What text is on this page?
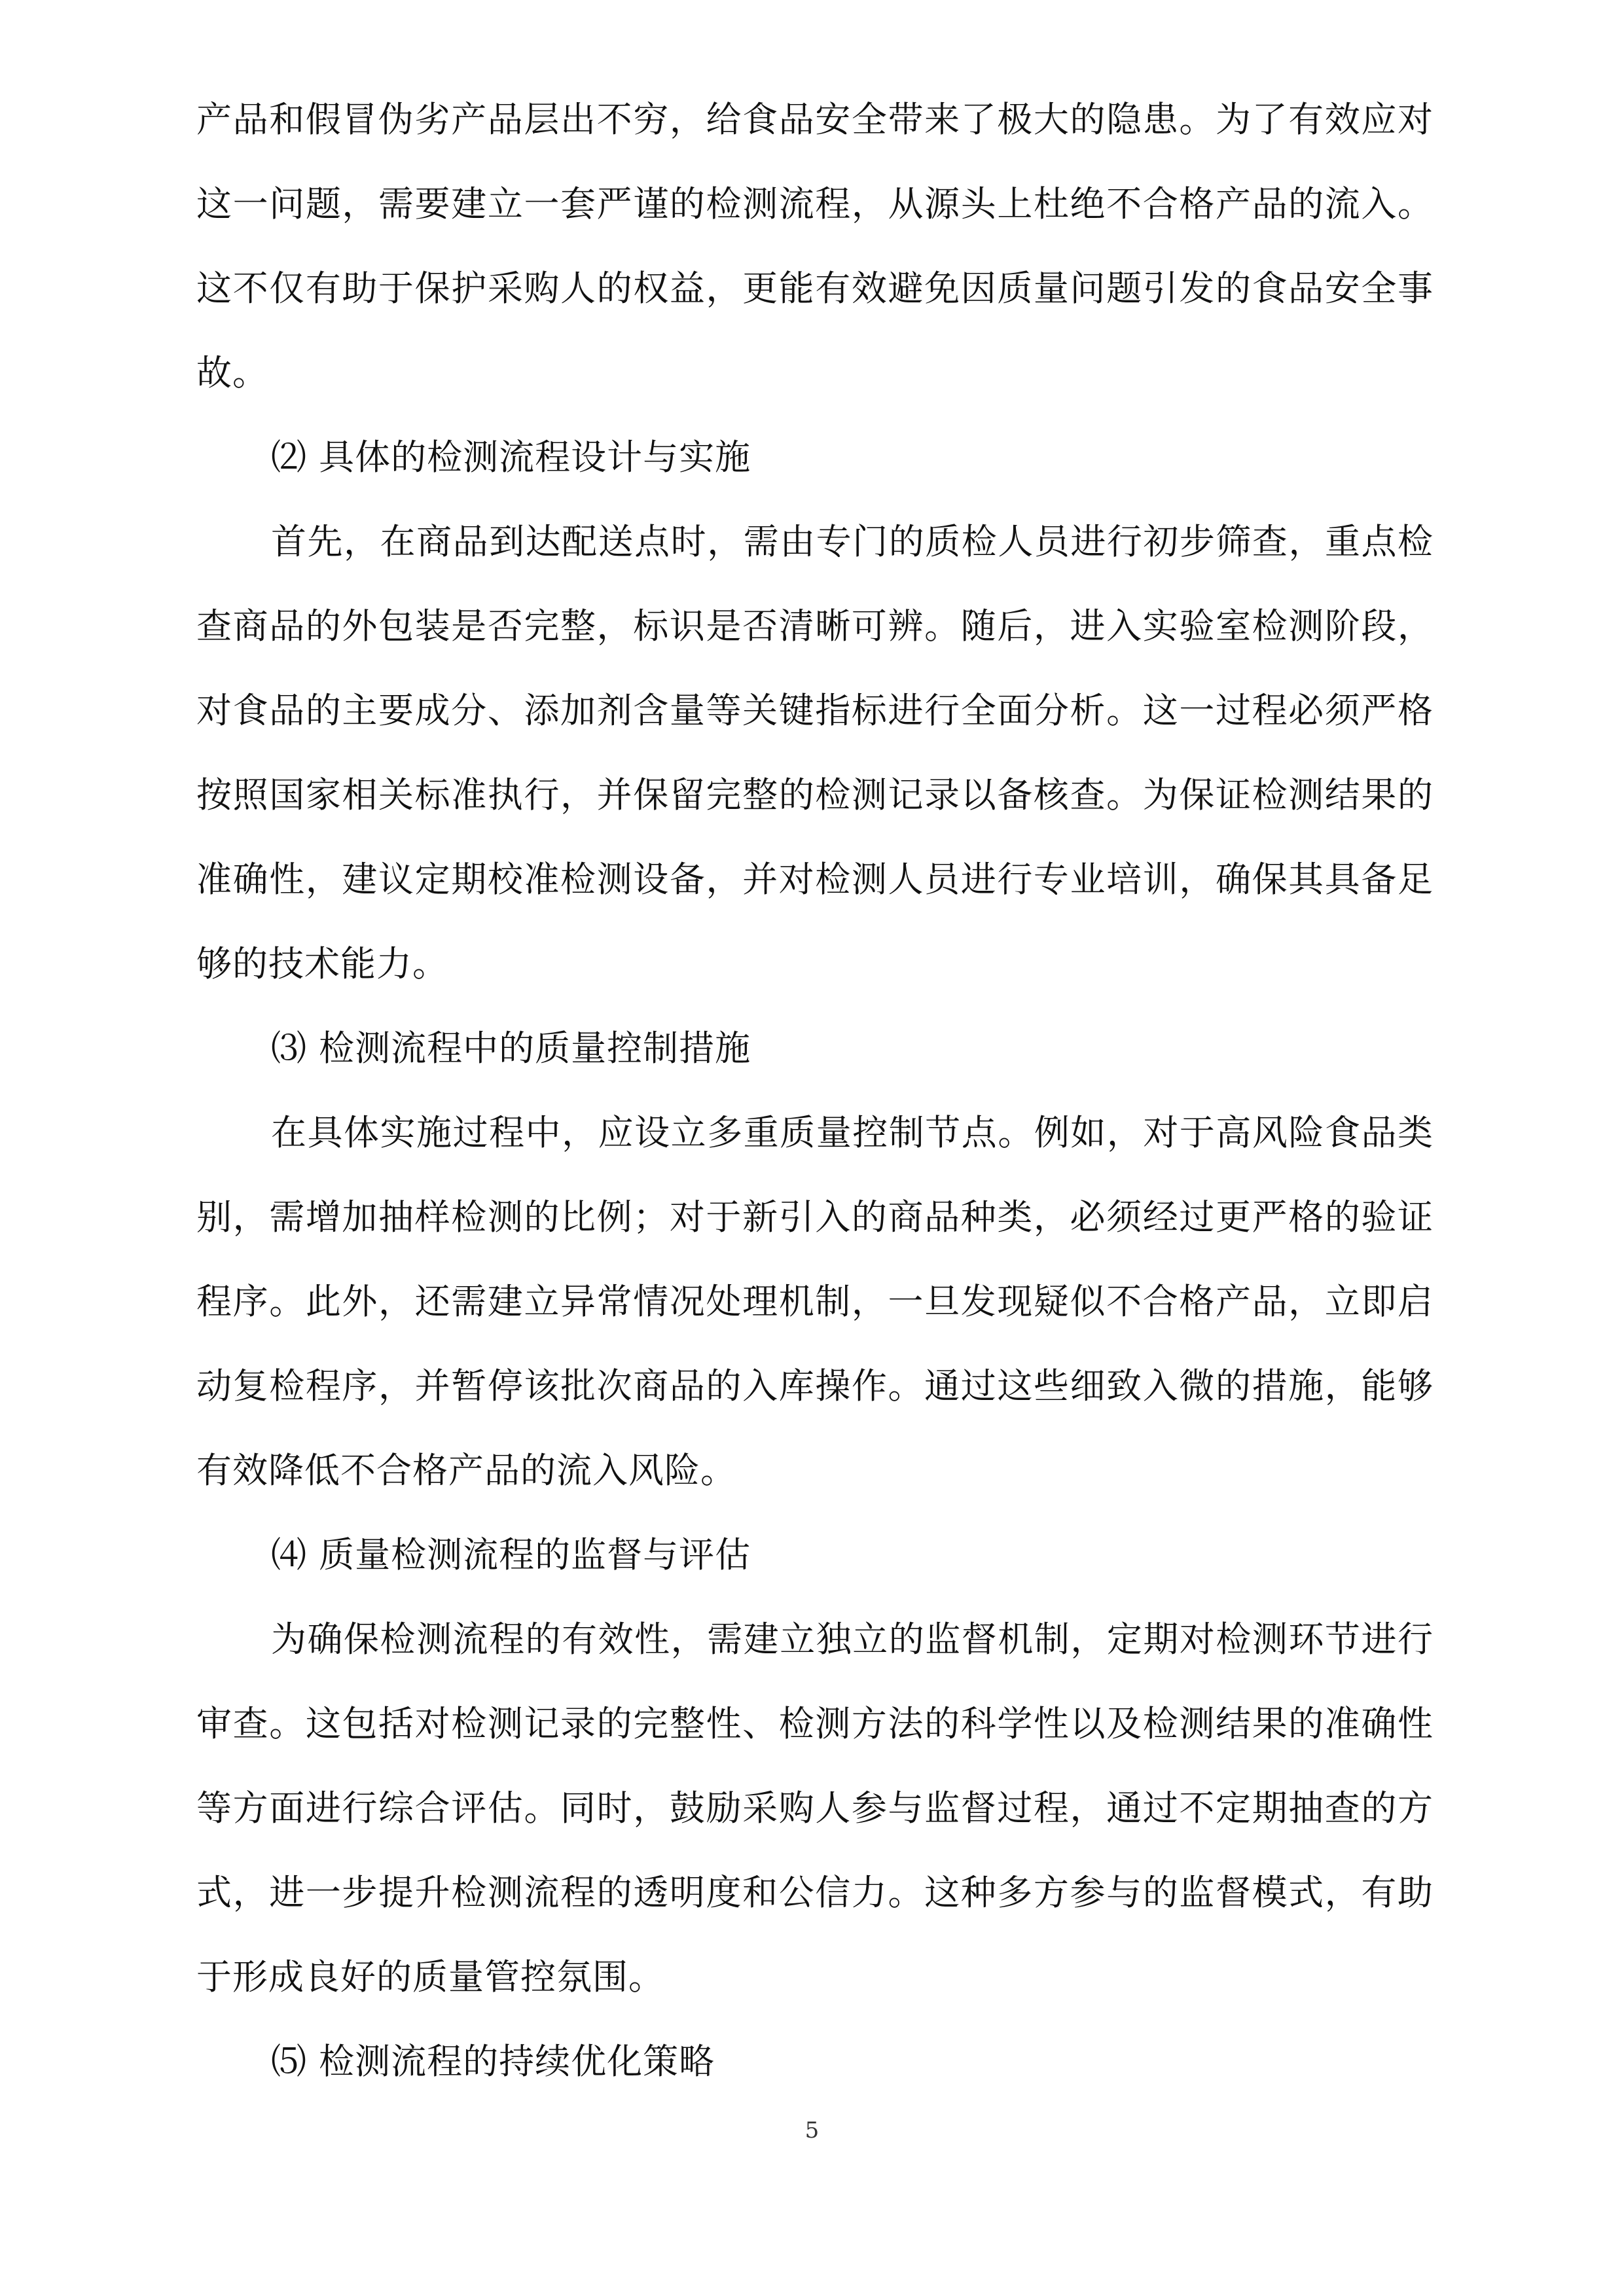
产品和假冒伪劣产品层出不穷，给食品安全带来了极大的隐患。为了有效应对这一问题，需要建立一套严谨的检测流程，从源头上杜绝不合格产品的流入。这不仅有助于保护采购人的权益，更能有效避免因质量问题引发的食品安全事故。

⑵ 具体的检测流程设计与实施

首先，在商品到达配送点时，需由专门的质检人员进行初步筛查，重点检查商品的外包装是否完整，标识是否清晰可辨。随后，进入实验室检测阶段，对食品的主要成分、添加剂含量等关键指标进行全面分析。这一过程必须严格按照国家相关标准执行，并保留完整的检测记录以备核查。为保证检测结果的准确性，建议定期校准检测设备，并对检测人员进行专业培训，确保其具备足够的技术能力。

⑶ 检测流程中的质量控制措施

在具体实施过程中，应设立多重质量控制节点。例如，对于高风险食品类别，需增加抽样检测的比例；对于新引入的商品种类，必须经过更严格的验证程序。此外，还需建立异常情况处理机制，一旦发现疑似不合格产品，立即启动复检程序，并暂停该批次商品的入库操作。通过这些细致入微的措施，能够有效降低不合格产品的流入风险。

⑷ 质量检测流程的监督与评估

为确保检测流程的有效性，需建立独立的监督机制，定期对检测环节进行审查。这包括对检测记录的完整性、检测方法的科学性以及检测结果的准确性等方面进行综合评估。同时，鼓励采购人参与监督过程，通过不定期抽查的方式，进一步提升检测流程的透明度和公信力。这种多方参与的监督模式，有助于形成良好的质量管控氛围。

⑸ 检测流程的持续优化策略

5
